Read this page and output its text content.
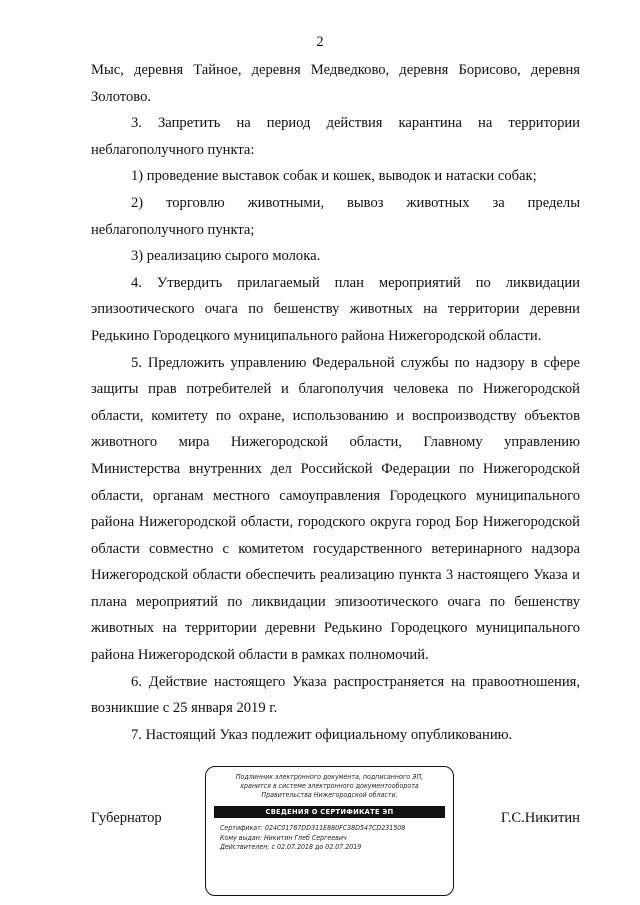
2

Мыс, деревня Тайное, деревня Медведково, деревня Борисово, деревня Золотово.

3. Запретить на период действия карантина на территории неблагополучного пункта:

1) проведение выставок собак и кошек, выводок и натаски собак;

2) торговлю животными, вывоз животных за пределы неблагополучного пункта;

3) реализацию сырого молока.

4. Утвердить прилагаемый план мероприятий по ликвидации эпизоотического очага по бешенству животных на территории деревни Редькино Городецкого муниципального района Нижегородской области.

5. Предложить управлению Федеральной службы по надзору в сфере защиты прав потребителей и благополучия человека по Нижегородской области, комитету по охране, использованию и воспроизводству объектов животного мира Нижегородской области, Главному управлению Министерства внутренних дел Российской Федерации по Нижегородской области, органам местного самоуправления Городецкого муниципального района Нижегородской области, городского округа город Бор Нижегородской области совместно с комитетом государственного ветеринарного надзора Нижегородской области обеспечить реализацию пункта 3 настоящего Указа и плана мероприятий по ликвидации эпизоотического очага по бешенству животных на территории деревни Редькино Городецкого муниципального района Нижегородской области в рамках полномочий.

6. Действие настоящего Указа распространяется на правоотношения, возникшие с 25 января 2019 г.

7. Настоящий Указ подлежит официальному опубликованию.

Губернатор	Г.С.Никитин
Подлинник электронного документа, подписанного ЭП,
хранится в системе электронного документооборота
Правительства Нижегородской области.
СВЕДЕНИЯ О СЕРТИФИКАТЕ ЭП
Сертификат: 024C01767DD311E880FC38D547CD231508
Кому выдан: Никитин Глеб Сергеевич
Действителен: с 02.07.2018 до 02.07.2019
